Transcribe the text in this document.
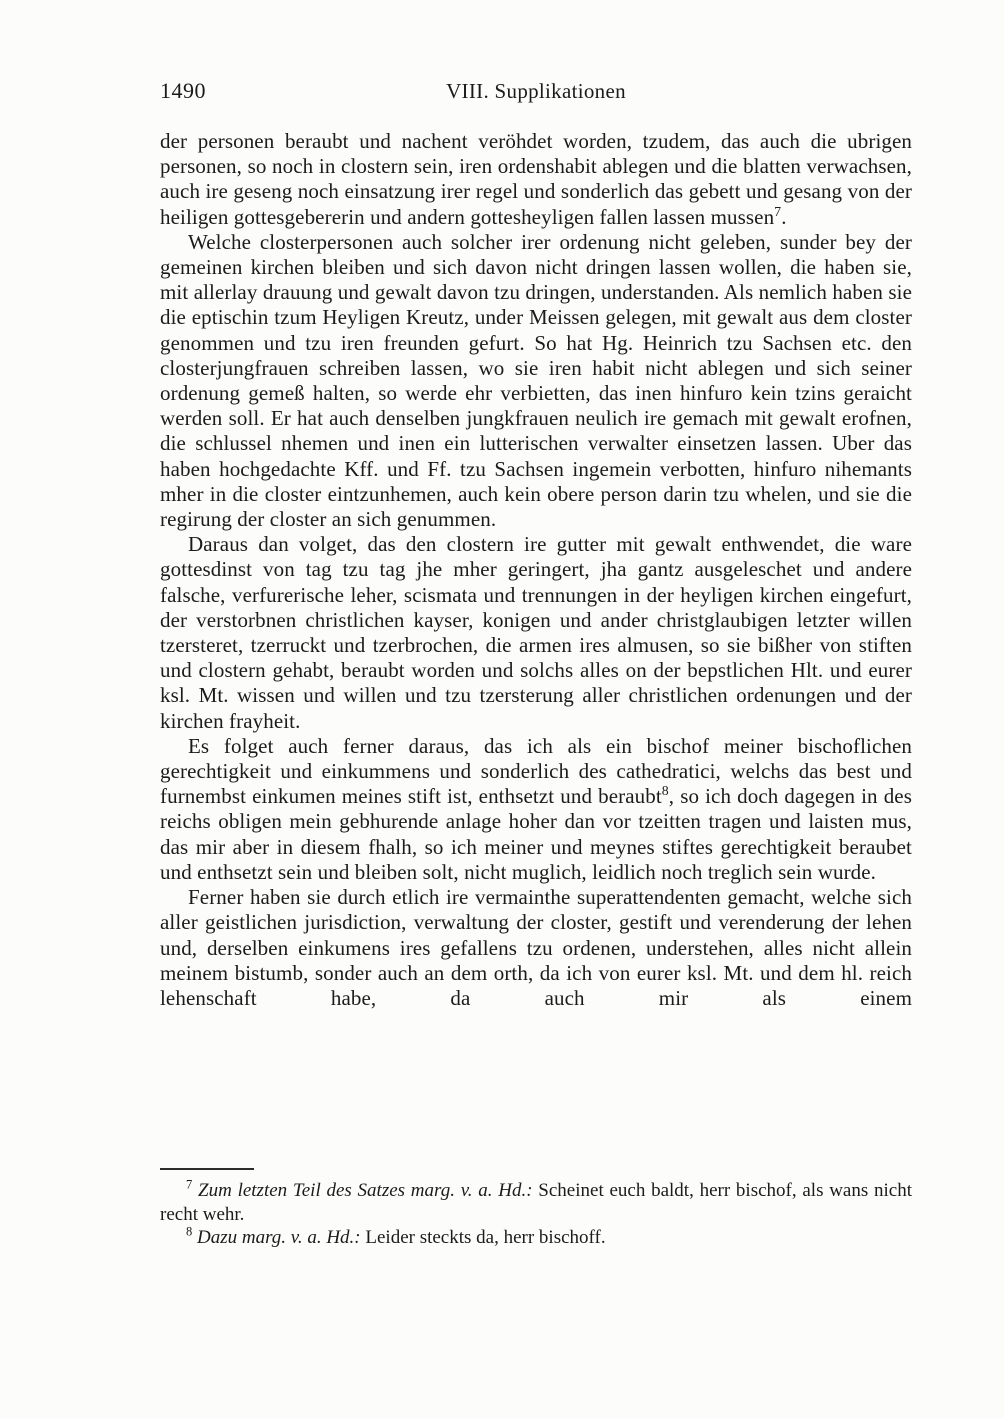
1490	VIII. Supplikationen

der personen beraubt und nachent veröhdet worden, tzudem, das auch die ubrigen personen, so noch in clostern sein, iren ordenshabit ablegen und die blatten verwachsen, auch ire geseng noch einsatzung irer regel und sonderlich das gebett und gesang von der heiligen gottesgebererin und andern gottesheyligen fallen lassen mussen$^7$.

Welche closterpersonen auch solcher irer ordenung nicht geleben, sunder bey der gemeinen kirchen bleiben und sich davon nicht dringen lassen wollen, die haben sie, mit allerlay drauung und gewalt davon tzu dringen, understanden. Als nemlich haben sie die eptischin tzum Heyligen Kreutz, under Meissen gelegen, mit gewalt aus dem closter genommen und tzu iren freunden gefurt. So hat Hg. Heinrich tzu Sachsen etc. den closterjungfrauen schreiben lassen, wo sie iren habit nicht ablegen und sich seiner ordenung gemeß halten, so werde ehr verbietten, das inen hinfuro kein tzins geraicht werden soll. Er hat auch denselben jungkfrauen neulich ire gemach mit gewalt erofnen, die schlussel nhemen und inen ein lutterischen verwalter einsetzen lassen. Uber das haben hochgedachte Kff. und Ff. tzu Sachsen ingemein verbotten, hinfuro nihemants mher in die closter eintzunhemen, auch kein obere person darin tzu whelen, und sie die regirung der closter an sich genummen.

Daraus dan volget, das den clostern ire gutter mit gewalt enthwendet, die ware gottesdinst von tag tzu tag jhe mher geringert, jha gantz ausgeleschet und andere falsche, verfurerische leher, scismata und trennungen in der heyligen kirchen eingefurt, der verstorbnen christlichen kayser, konigen und ander christglaubigen letzter willen tzersteret, tzerruckt und tzerbrochen, die armen ires almusen, so sie bißher von stiften und clostern gehabt, beraubt worden und solchs alles on der bepstlichen Hlt. und eurer ksl. Mt. wissen und willen und tzu tzersterung aller christlichen ordenungen und der kirchen frayheit.

Es folget auch ferner daraus, das ich als ein bischof meiner bischoflichen gerechtigkeit und einkummens und sonderlich des cathedratici, welchs das best und furnembst einkumen meines stift ist, enthsetzt und beraubt$^8$, so ich doch dagegen in des reichs obligen mein gebhurende anlage hoher dan vor tzeitten tragen und laisten mus, das mir aber in diesem fhalh, so ich meiner und meynes stiftes gerechtigkeit beraubet und enthsetzt sein und bleiben solt, nicht muglich, leidlich noch treglich sein wurde.

Ferner haben sie durch etlich ire vermainthe superattendenten gemacht, welche sich aller geistlichen jurisdiction, verwaltung der closter, gestift und verenderung der lehen und, derselben einkumens ires gefallens tzu ordenen, understehen, alles nicht allein meinem bistumb, sonder auch an dem orth, da ich von eurer ksl. Mt. und dem hl. reich lehenschaft habe, da auch mir als einem

$^7$ Zum letzten Teil des Satzes marg. v. a. Hd.: Scheinet euch baldt, herr bischof, als wans nicht recht wehr.

$^8$ Dazu marg. v. a. Hd.: Leider steckts da, herr bischoff.
